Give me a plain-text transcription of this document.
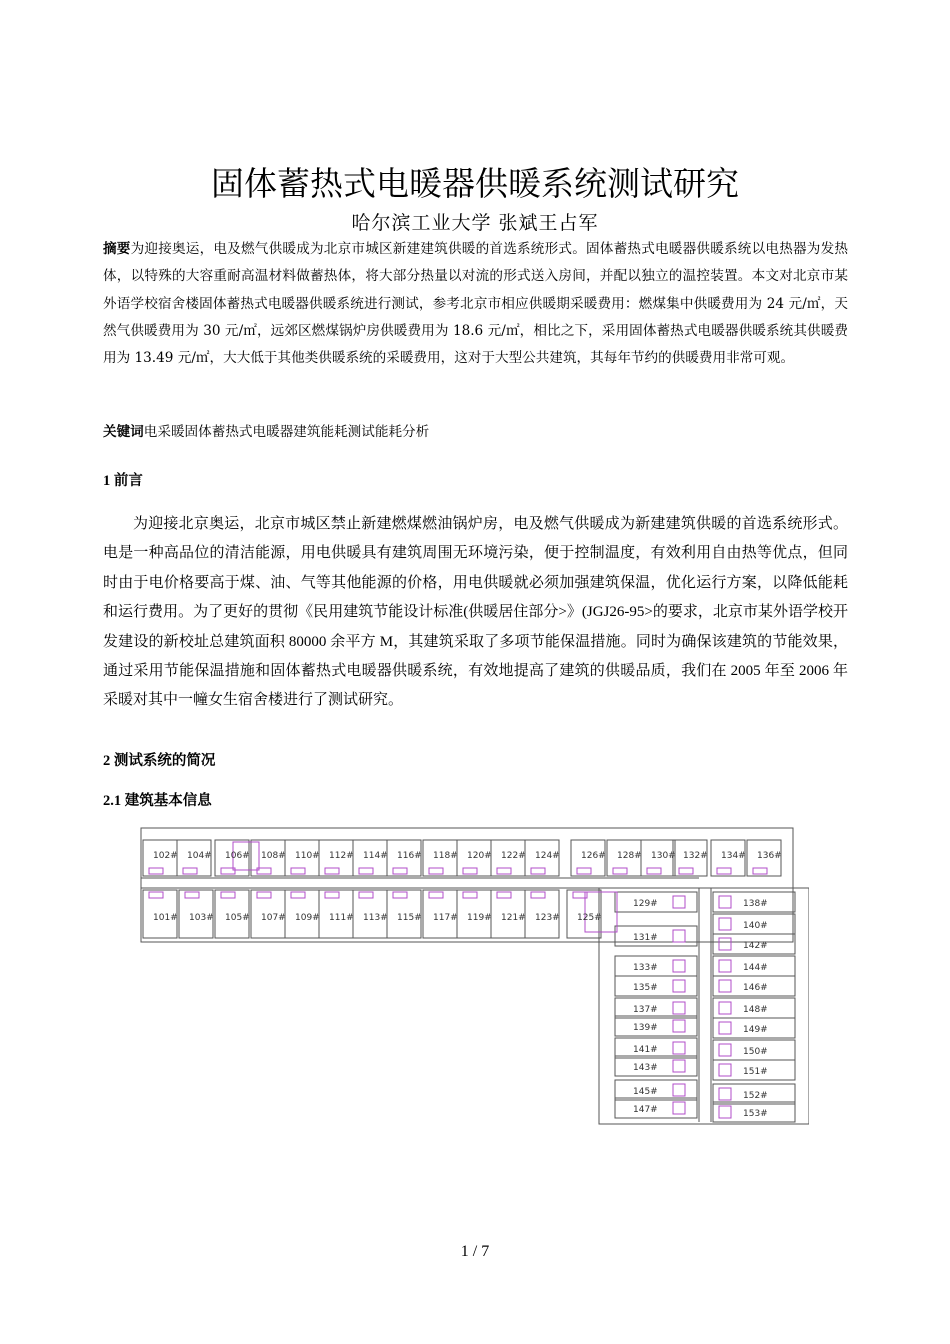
固体蓄热式电暖器供暖系统测试研究
哈尔滨工业大学 张斌王占军
摘要为迎接奥运，电及燃气供暖成为北京市城区新建建筑供暖的首选系统形式。固体蓄热式电暖器供暖系统以电热器为发热体，以特殊的大容重耐高温材料做蓄热体，将大部分热量以对流的形式送入房间，并配以独立的温控装置。本文对北京市某外语学校宿舍楼固体蓄热式电暖器供暖系统进行测试，参考北京市相应供暖期采暖费用：燃煤集中供暖费用为 24 元/㎡，天然气供暖费用为 30 元/㎡，远郊区燃煤锅炉房供暖费用为 18.6 元/㎡，相比之下，采用固体蓄热式电暖器供暖系统其供暖费用为 13.49 元/㎡，大大低于其他类供暖系统的采暖费用，这对于大型公共建筑，其每年节约的供暖费用非常可观。
关键词电采暖固体蓄热式电暖器建筑能耗测试能耗分析
1 前言
为迎接北京奥运，北京市城区禁止新建燃煤燃油锅炉房，电及燃气供暖成为新建建筑供暖的首选系统形式。电是一种高品位的清洁能源，用电供暖具有建筑周围无环境污染，便于控制温度，有效利用自由热等优点，但同时由于电价格要高于煤、油、气等其他能源的价格，用电供暖就必须加强建筑保温，优化运行方案，以降低能耗和运行费用。为了更好的贯彻《民用建筑节能设计标准(供暖居住部分>》(JGJ26-95>的要求，北京市某外语学校开发建设的新校址总建筑面积 80000 余平方 M，其建筑采取了多项节能保温措施。同时为确保该建筑的节能效果，通过采用节能保温措施和固体蓄热式电暖器供暖系统，有效地提高了建筑的供暖品质，我们在 2005 年至 2006 年采暖对其中一幢女生宿舍楼进行了测试研究。
2 测试系统的简况
2.1 建筑基本信息
102# 104# 106# 108# 110# 112# 114# 116# 118# 120# 122# 124# 126# 128# 130# 132# 134# 136#
101# 103# 105# 107# 109# 111# 113# 115# 117# 119# 121# 123# 125#
129#
131#
133#
135#
137#
139#
141#
143#
145#
147#
138#
140#
142#
144#
146#
148#
149#
150#
151#
152#
153#
1 / 7
